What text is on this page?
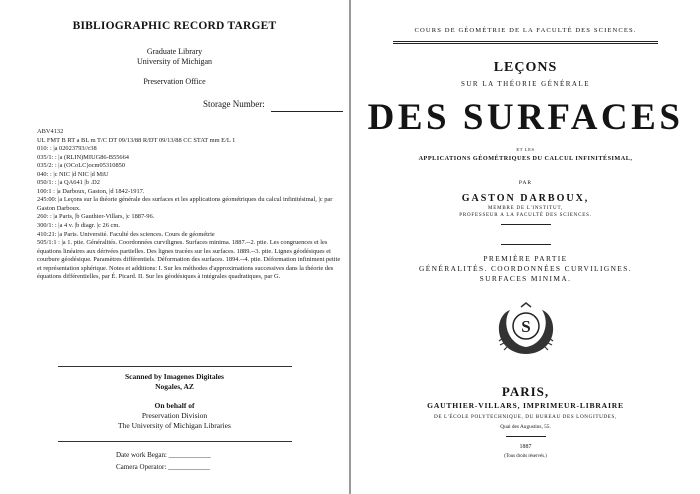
BIBLIOGRAPHIC RECORD TARGET
Graduate Library
University of Michigan
Preservation Office
Storage Number:
ABV4132
UL FMT B RT a BL m T/C DT 09/13/88 R/DT 09/13/88 CC STAT mm E/L 1
010: : |a 02023793//r38
035/1: : |a (RLIN)MIUG86-B55664
035/2: : |a (OCoLC)ocm05310850
040: : |c NIC |d NIC |d MiU
050/1: : |a QA641 |b .D2
100:1 : |a Darboux, Gaston, |d 1842-1917.
245:00: |a Leçons sur la théorie générale des surfaces et les applications géométriques du calcul infinitésimal, |c par Gaston Darboux.
260: : |a Paris, |b Gauthier-Villars, |c 1887-96.
300/1: : |a 4 v. |b diagr. |c 26 cm.
410:21: |a Paris. Université. Faculté des sciences. Cours de géométrie
505/1:1 : |a 1. ptie. Généralités. Coordonnées curvilignes. Surfaces minima. 1887.--2. ptie. Les congruences et les équations linéaires aux dérivées partielles. Des lignes tracées sur les surfaces. 1889.--3. ptie. Lignes géodésiques et courbure géodésique. Paramètres différentiels. Déformation des surfaces. 1894.--4. ptie. Déformation infiniment petite et représentation sphérique. Notes et additions: I. Sur les méthodes d'approximations successives dans la théorie des équations différentielles, par É. Picard. II. Sur les géodésiques à intégrales quadratiques, par G.
Scanned by Imagenes Digitales
Nogales, AZ
On behalf of
Preservation Division
The University of Michigan Libraries
Date work Began: ____________
Camera Operator: ____________
COURS DE GÉOMÉTRIE DE LA FACULTÉ DES SCIENCES.
LEÇONS
SUR LA THÉORIE GÉNÉRALE
DES SURFACES
ET LES
APPLICATIONS GÉOMÉTRIQUES DU CALCUL INFINITÉSIMAL,
PAR
GASTON DARBOUX,
MEMBRE DE L'INSTITUT,
PROFESSEUR A LA FACULTÉ DES SCIENCES.
PREMIÈRE PARTIE
GÉNÉRALITÉS. COORDONNÉES CURVILIGNES.
SURFACES MINIMA.
S
PARIS,
GAUTHIER-VILLARS, IMPRIMEUR-LIBRAIRE
DE L'ÉCOLE POLYTECHNIQUE, DU BUREAU DES LONGITUDES,
Quai des Augustins, 55.
1887
(Tous droits réservés.)
